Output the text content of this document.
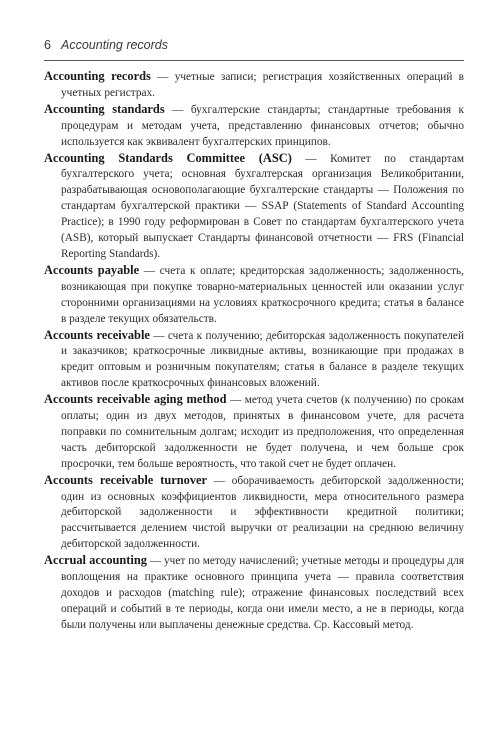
6 Accounting records

Accounting records — учетные записи; регистрация хозяйственных операций в учетных регистрах.

Accounting standards — бухгалтерские стандарты; стандартные требования к процедурам и методам учета, представлению финансовых отчетов; обычно используется как эквивалент бухгалтерских принципов.

Accounting Standards Committee (ASC) — Комитет по стандартам бухгалтерского учета; основная бухгалтерская организация Великобритании, разрабатывающая основополагающие бухгалтерские стандарты — Положения по стандартам бухгалтерской практики — SSAP (Statements of Standard Accounting Practice); в 1990 году реформирован в Совет по стандартам бухгалтерского учета (ASB), который выпускает Стандарты финансовой отчетности — FRS (Financial Reporting Standards).

Accounts payable — счета к оплате; кредиторская задолженность; задолженность, возникающая при покупке товарно-материальных ценностей или оказании услуг сторонними организациями на условиях краткосрочного кредита; статья в балансе в разделе текущих обязательств.

Accounts receivable — счета к получению; дебиторская задолженность покупателей и заказчиков; краткосрочные ликвидные активы, возникающие при продажах в кредит оптовым и розничным покупателям; статья в балансе в разделе текущих активов после краткосрочных финансовых вложений.

Accounts receivable aging method — метод учета счетов (к получению) по срокам оплаты; один из двух методов, принятых в финансовом учете, для расчета поправки по сомнительным долгам; исходит из предположения, что определенная часть дебиторской задолженности не будет получена, и чем больше срок просрочки, тем больше вероятность, что такой счет не будет оплачен.

Accounts receivable turnover — оборачиваемость дебиторской задолженности; один из основных коэффициентов ликвидности, мера относительного размера дебиторской задолженности и эффективности кредитной политики; рассчитывается делением чистой выручки от реализации на среднюю величину дебиторской задолженности.

Accrual accounting — учет по методу начислений; учетные методы и процедуры для воплощения на практике основного принципа учета — правила соответствия доходов и расходов (matching rule); отражение финансовых последствий всех операций и событий в те периоды, когда они имели место, а не в периоды, когда были получены или выплачены денежные средства. Ср. Кассовый метод.
